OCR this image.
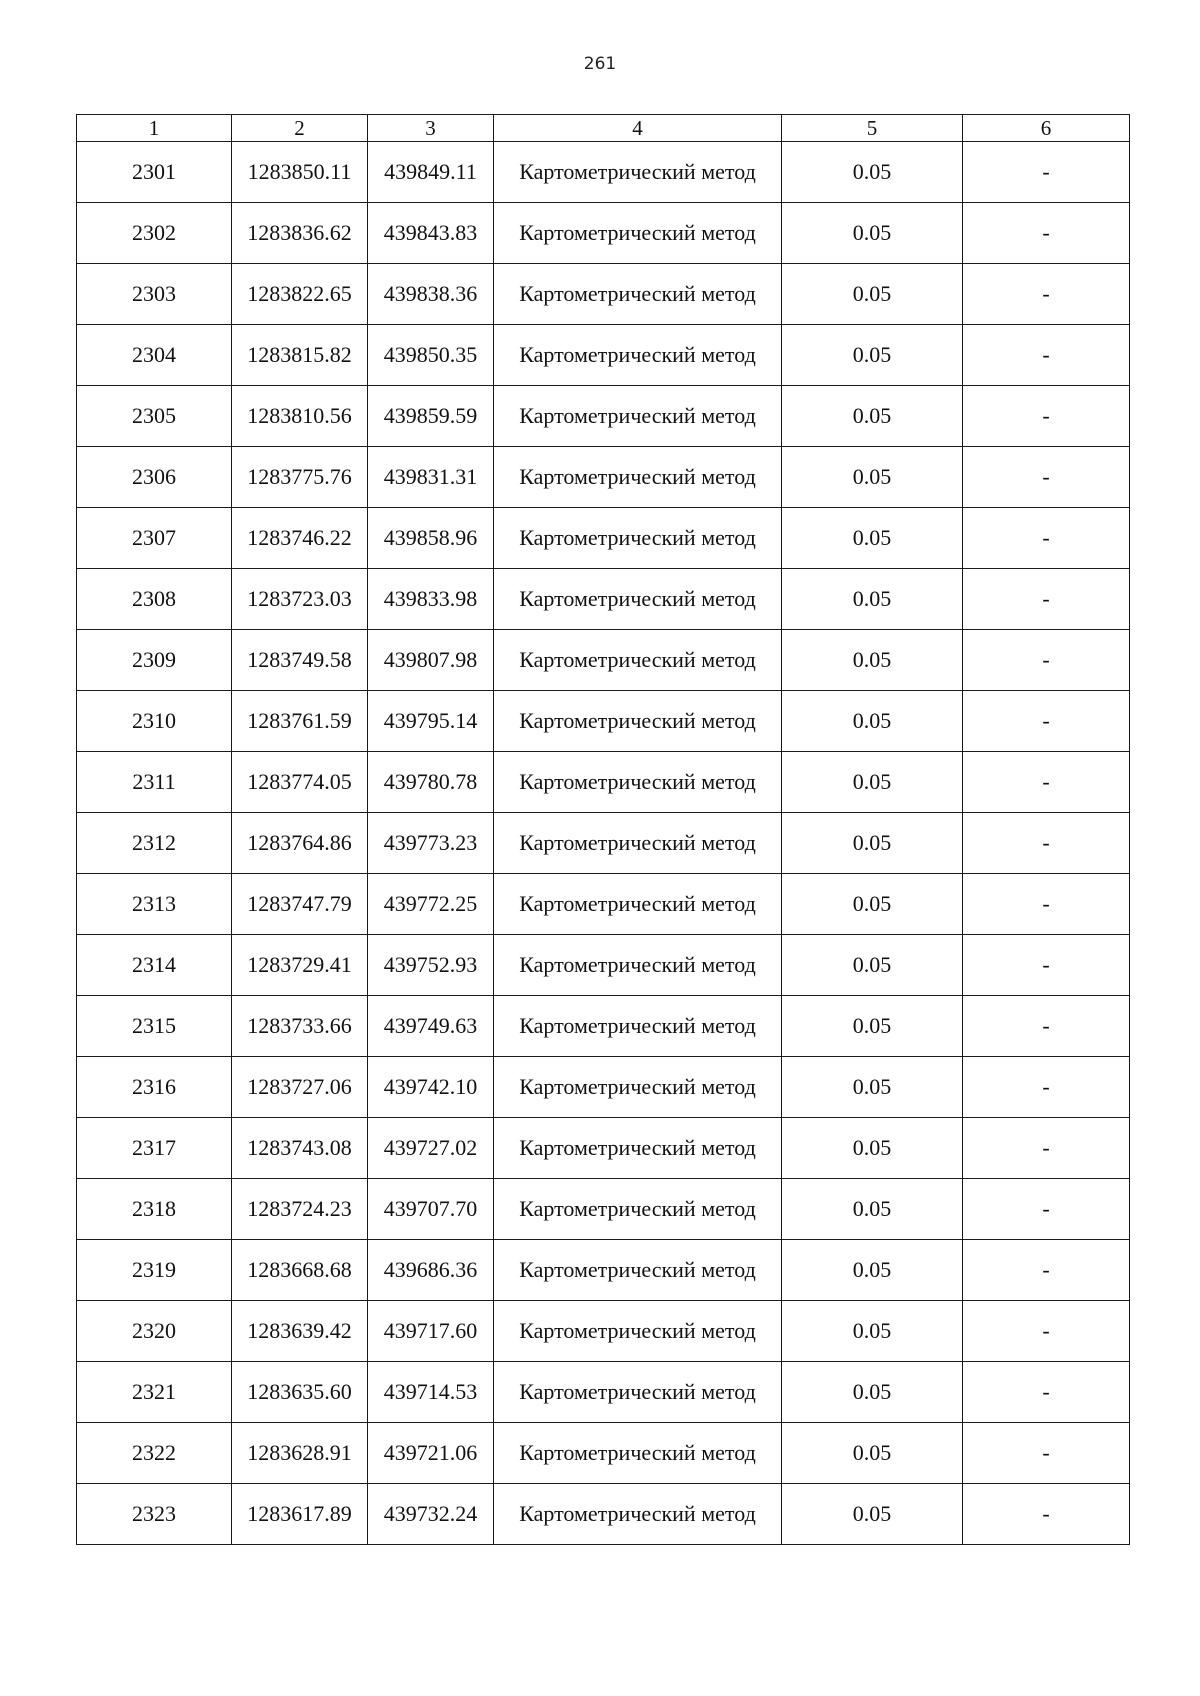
261
1	2	3	4	5	6
2301	1283850.11	439849.11	Картометрический метод	0.05	-
2302	1283836.62	439843.83	Картометрический метод	0.05	-
2303	1283822.65	439838.36	Картометрический метод	0.05	-
2304	1283815.82	439850.35	Картометрический метод	0.05	-
2305	1283810.56	439859.59	Картометрический метод	0.05	-
2306	1283775.76	439831.31	Картометрический метод	0.05	-
2307	1283746.22	439858.96	Картометрический метод	0.05	-
2308	1283723.03	439833.98	Картометрический метод	0.05	-
2309	1283749.58	439807.98	Картометрический метод	0.05	-
2310	1283761.59	439795.14	Картометрический метод	0.05	-
2311	1283774.05	439780.78	Картометрический метод	0.05	-
2312	1283764.86	439773.23	Картометрический метод	0.05	-
2313	1283747.79	439772.25	Картометрический метод	0.05	-
2314	1283729.41	439752.93	Картометрический метод	0.05	-
2315	1283733.66	439749.63	Картометрический метод	0.05	-
2316	1283727.06	439742.10	Картометрический метод	0.05	-
2317	1283743.08	439727.02	Картометрический метод	0.05	-
2318	1283724.23	439707.70	Картометрический метод	0.05	-
2319	1283668.68	439686.36	Картометрический метод	0.05	-
2320	1283639.42	439717.60	Картометрический метод	0.05	-
2321	1283635.60	439714.53	Картометрический метод	0.05	-
2322	1283628.91	439721.06	Картометрический метод	0.05	-
2323	1283617.89	439732.24	Картометрический метод	0.05	-
